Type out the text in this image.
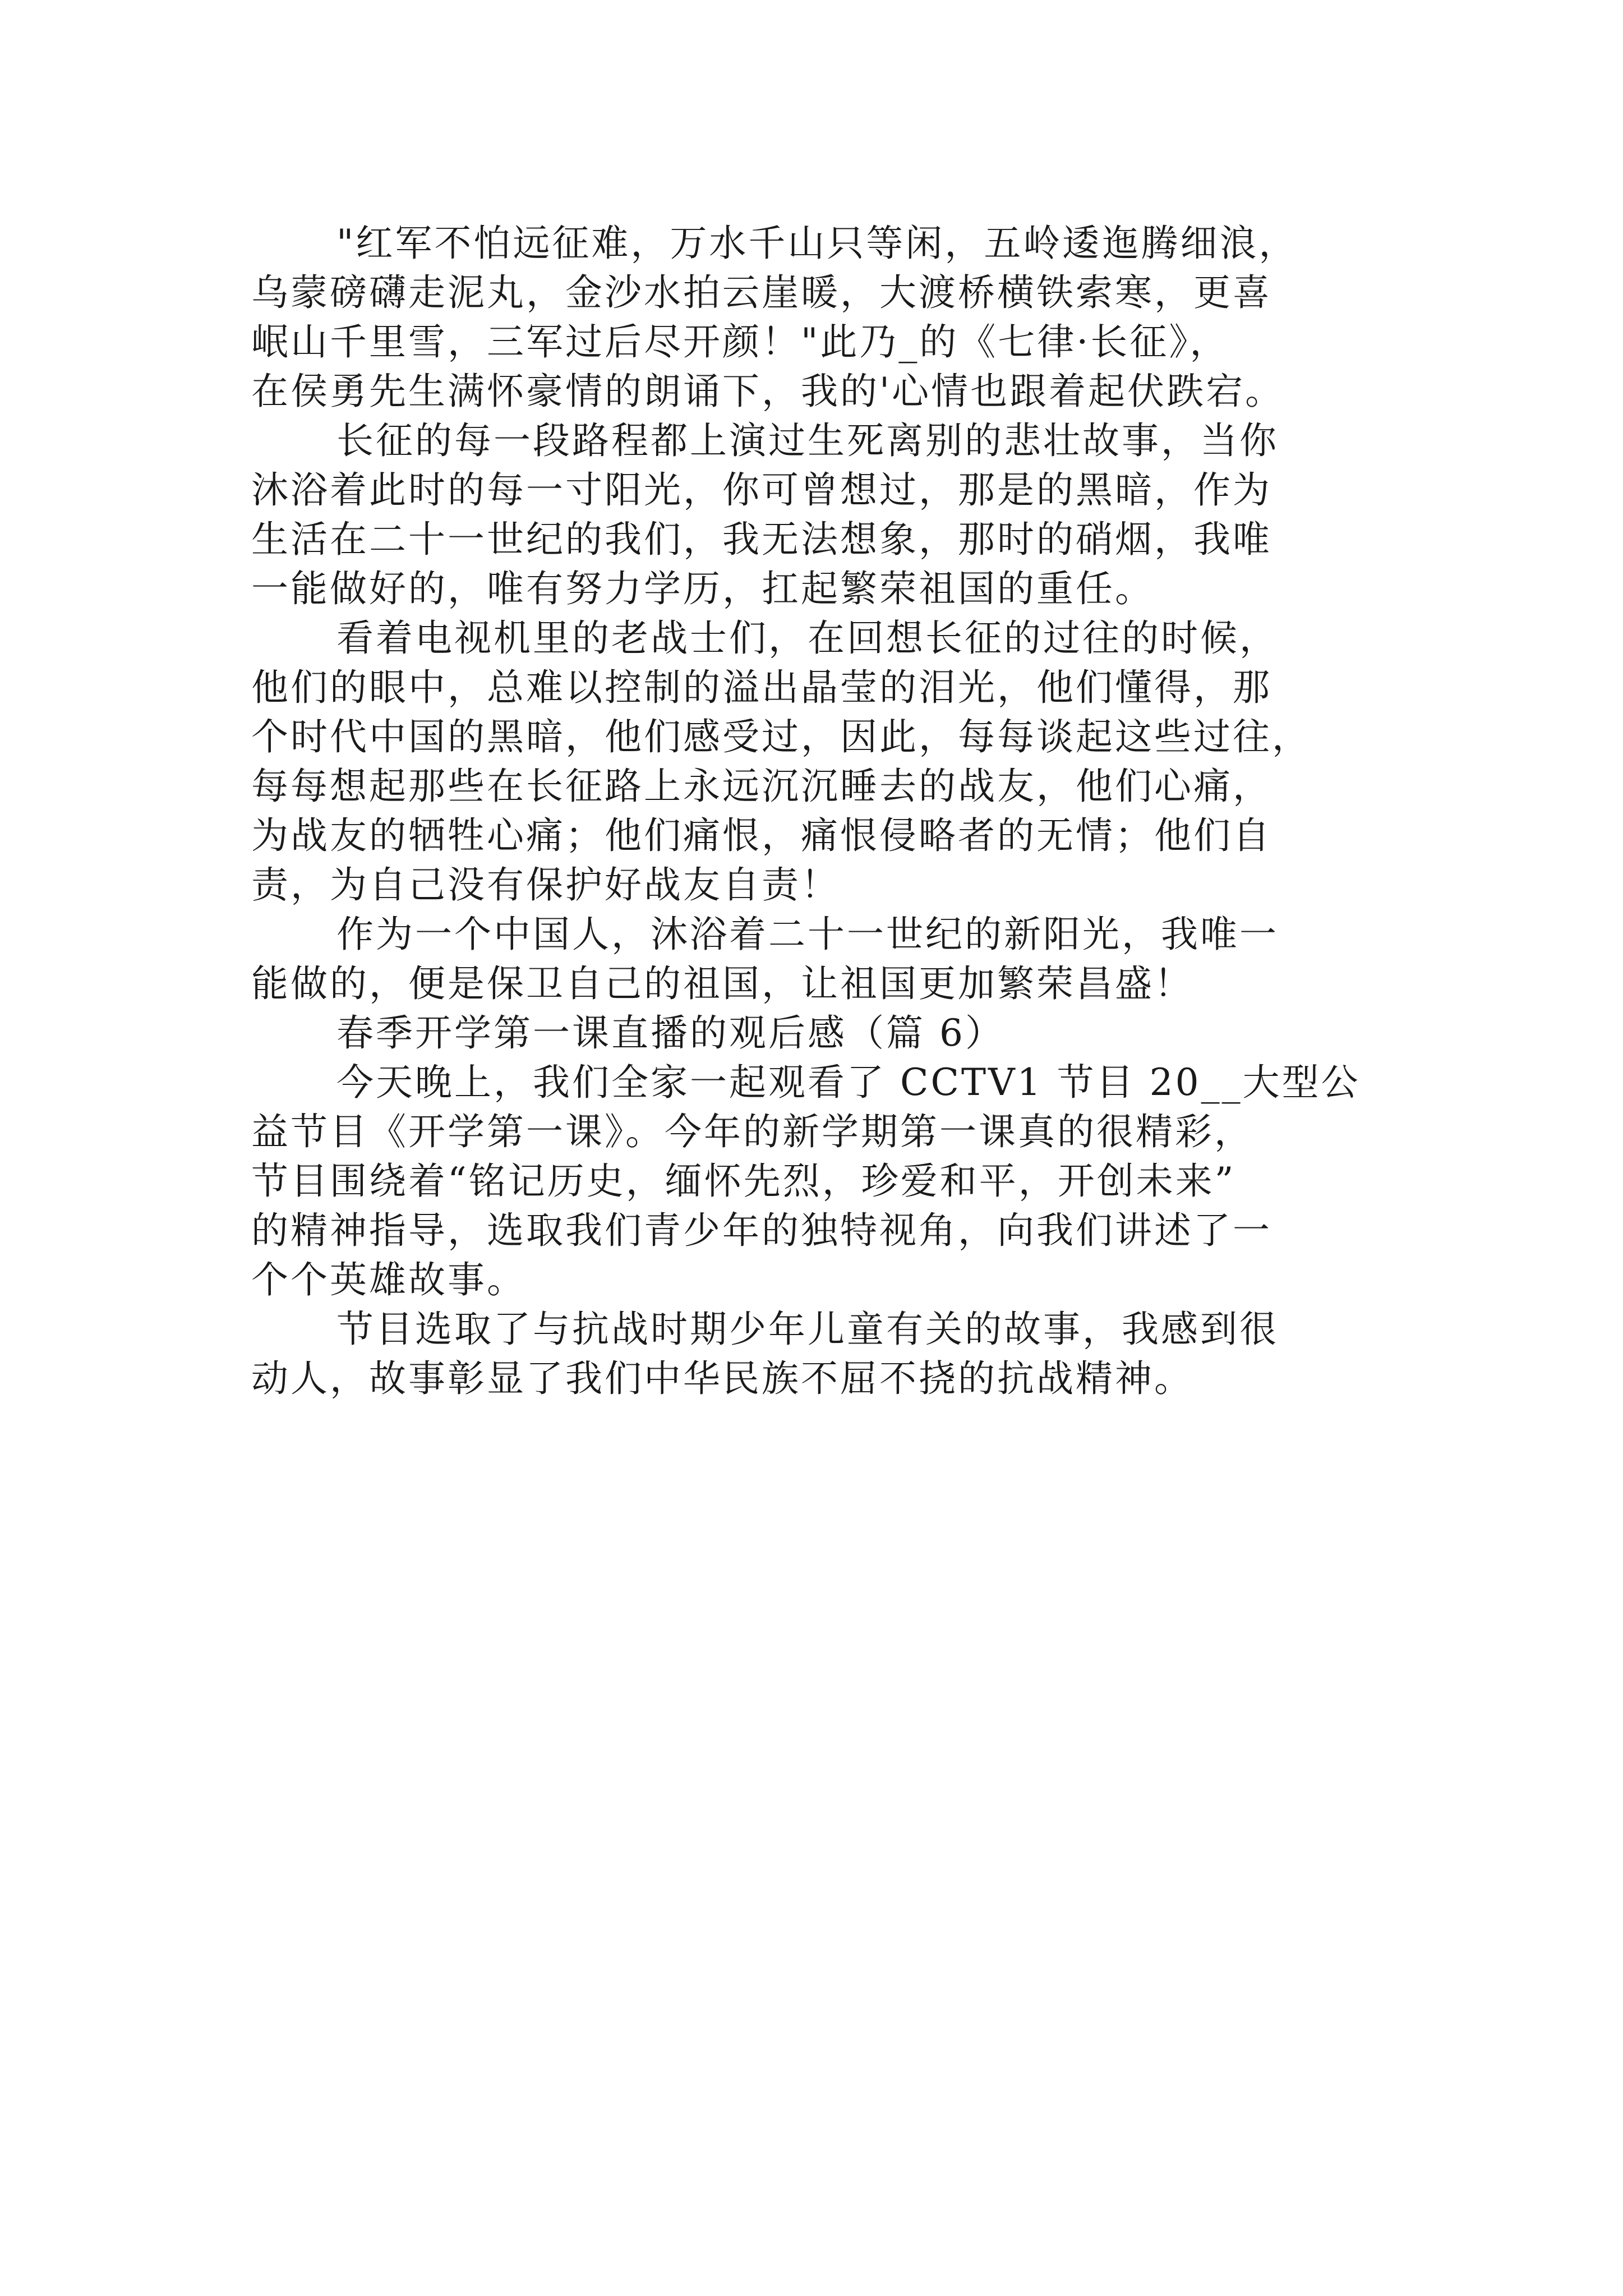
"红军不怕远征难，万水千山只等闲，五岭逶迤腾细浪，
乌蒙磅礴走泥丸，金沙水拍云崖暖，大渡桥横铁索寒，更喜
岷山千里雪，三军过后尽开颜！"此乃_的《七律·长征》，
在侯勇先生满怀豪情的朗诵下，我的'心情也跟着起伏跌宕。
长征的每一段路程都上演过生死离别的悲壮故事，当你
沐浴着此时的每一寸阳光，你可曾想过，那是的黑暗，作为
生活在二十一世纪的我们，我无法想象，那时的硝烟，我唯
一能做好的，唯有努力学历，扛起繁荣祖国的重任。
看着电视机里的老战士们，在回想长征的过往的时候，
他们的眼中，总难以控制的溢出晶莹的泪光，他们懂得，那
个时代中国的黑暗，他们感受过，因此，每每谈起这些过往，
每每想起那些在长征路上永远沉沉睡去的战友，他们心痛，
为战友的牺牲心痛；他们痛恨，痛恨侵略者的无情；他们自
责，为自己没有保护好战友自责！
作为一个中国人，沐浴着二十一世纪的新阳光，我唯一
能做的，便是保卫自己的祖国，让祖国更加繁荣昌盛！
春季开学第一课直播的观后感（篇 6）
今天晚上，我们全家一起观看了 CCTV1 节目 20__大型公
益节目《开学第一课》。今年的新学期第一课真的很精彩，
节目围绕着“铭记历史，缅怀先烈，珍爱和平，开创未来”
的精神指导，选取我们青少年的独特视角，向我们讲述了一
个个英雄故事。
节目选取了与抗战时期少年儿童有关的故事，我感到很
动人，故事彰显了我们中华民族不屈不挠的抗战精神。
